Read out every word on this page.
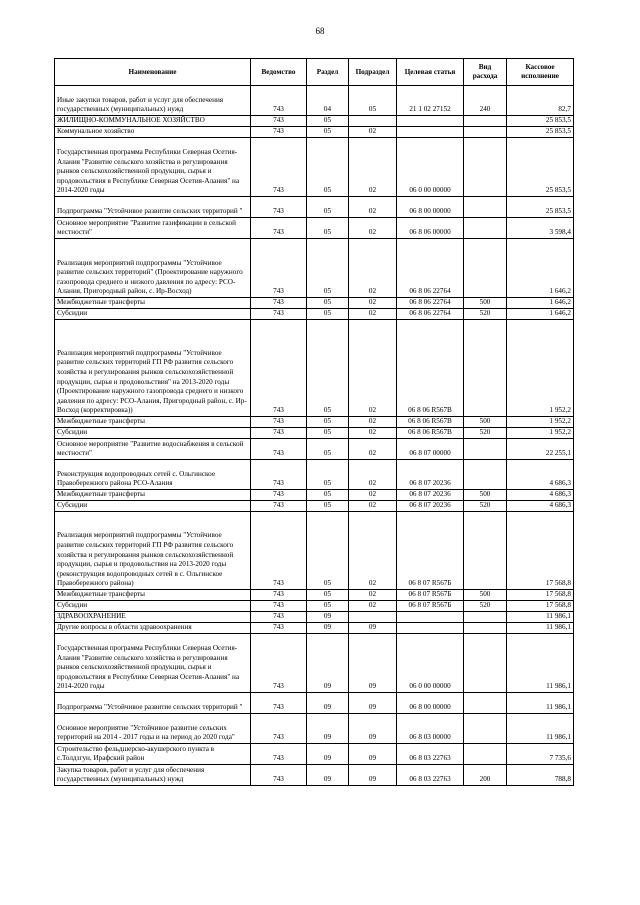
68
Наименование	Ведомство	Раздел	Подраздел	Целевая статья	Вид расхода	Кассовое исполнение
Иные закупки товаров, работ и услуг для обеспечения государственных (муниципальных) нужд	743	04	05	21 1 02 27152	240	82,7
ЖИЛИЩНО-КОММУНАЛЬНОЕ ХОЗЯЙСТВО	743	05				25 853,5
Коммунальное хозяйство	743	05	02			25 853,5
Государственная программа Республики Северная Осетия-Алания "Развитие сельского хозяйства и регулирования рынков сельскохозяйственной продукции, сырья и продовольствия в Республике Северная Осетия-Алания" на 2014-2020 годы	743	05	02	06 0 00 00000		25 853,5
Подпрограмма "Устойчивое развитие сельских территорий "	743	05	02	06 8 00 00000		25 853,5
Основное мероприятие "Развитие газификации в сельской местности"	743	05	02	06 8 06 00000		3 598,4
Реализация мероприятий подпрограммы "Устойчивое развитие сельских территорий" (Проектирование наружного газопровода среднего и низкого давления по адресу: РСО-Алания, Пригородный район, с. Ир-Восход)	743	05	02	06 8 06 22764		1 646,2
Межбюджетные трансферты	743	05	02	06 8 06 22764	500	1 646,2
Субсидии	743	05	02	06 8 06 22764	520	1 646,2
Реализация мероприятий подпрограммы "Устойчивое развитие сельских территорий ГП РФ развития сельского хозяйства и регулирования рынков сельскохозяйственной продукции, сырья и продовольствия" на 2013-2020 годы (Проектирование наружного газопровода среднего и низкого давления по адресу: РСО-Алания, Пригородный район, с. Ир-Восход (корректировка))	743	05	02	06 8 06 R567В		1 952,2
Межбюджетные трансферты	743	05	02	06 8 06 R567В	500	1 952,2
Субсидии	743	05	02	06 8 06 R567В	520	1 952,2
Основное мероприятие "Развитие водоснабжения в сельской местности"	743	05	02	06 8 07 00000		22 255,1
Реконструкция водопроводных сетей с. Ольгинское Правобережного района РСО-Алания	743	05	02	06 8 07 20236		4 686,3
Межбюджетные трансферты	743	05	02	06 8 07 20236	500	4 686,3
Субсидии	743	05	02	06 8 07 20236	520	4 686,3
Реализация мероприятий подпрограммы "Устойчивое развитие сельских территорий ГП РФ развития сельского хозяйства и регулирования рынков сельскохозяйственной продукции, сырья и продовольствия на 2013-2020 годы (реконструкция водопроводных сетей в с. Ольгинское Правобережного района)	743	05	02	06 8 07 R567Б		17 568,8
Межбюджетные трансферты	743	05	02	06 8 07 R567Б	500	17 568,8
Субсидии	743	05	02	06 8 07 R567Б	520	17 568,8
ЗДРАВООХРАНЕНИЕ	743	09				11 986,1
Другие вопросы в области здравоохранения	743	09	09			11 986,1
Государственная программа Республики Северная Осетия-Алания "Развитие сельского хозяйства и регулирования рынков сельскохозяйственной продукции, сырья и продовольствия в Республике Северная Осетия-Алания" на 2014-2020 годы	743	09	09	06 0 00 00000		11 986,1
Подпрограмма "Устойчивое развитие сельских территорий "	743	09	09	06 8 00 00000		11 986,1
Основное мероприятие "Устойчивое развитие сельских территорий на 2014 - 2017 годы и на период до 2020 года"	743	09	09	06 8 03 00000		11 986,1
Строительство фельдшерско-акушерского пункта в с.Толдзгун, Ирафский район	743	09	09	06 8 03 22763		7 735,6
Закупка товаров, работ и услуг для обеспечения государственных (муниципальных) нужд	743	09	09	06 8 03 22763	200	788,8
